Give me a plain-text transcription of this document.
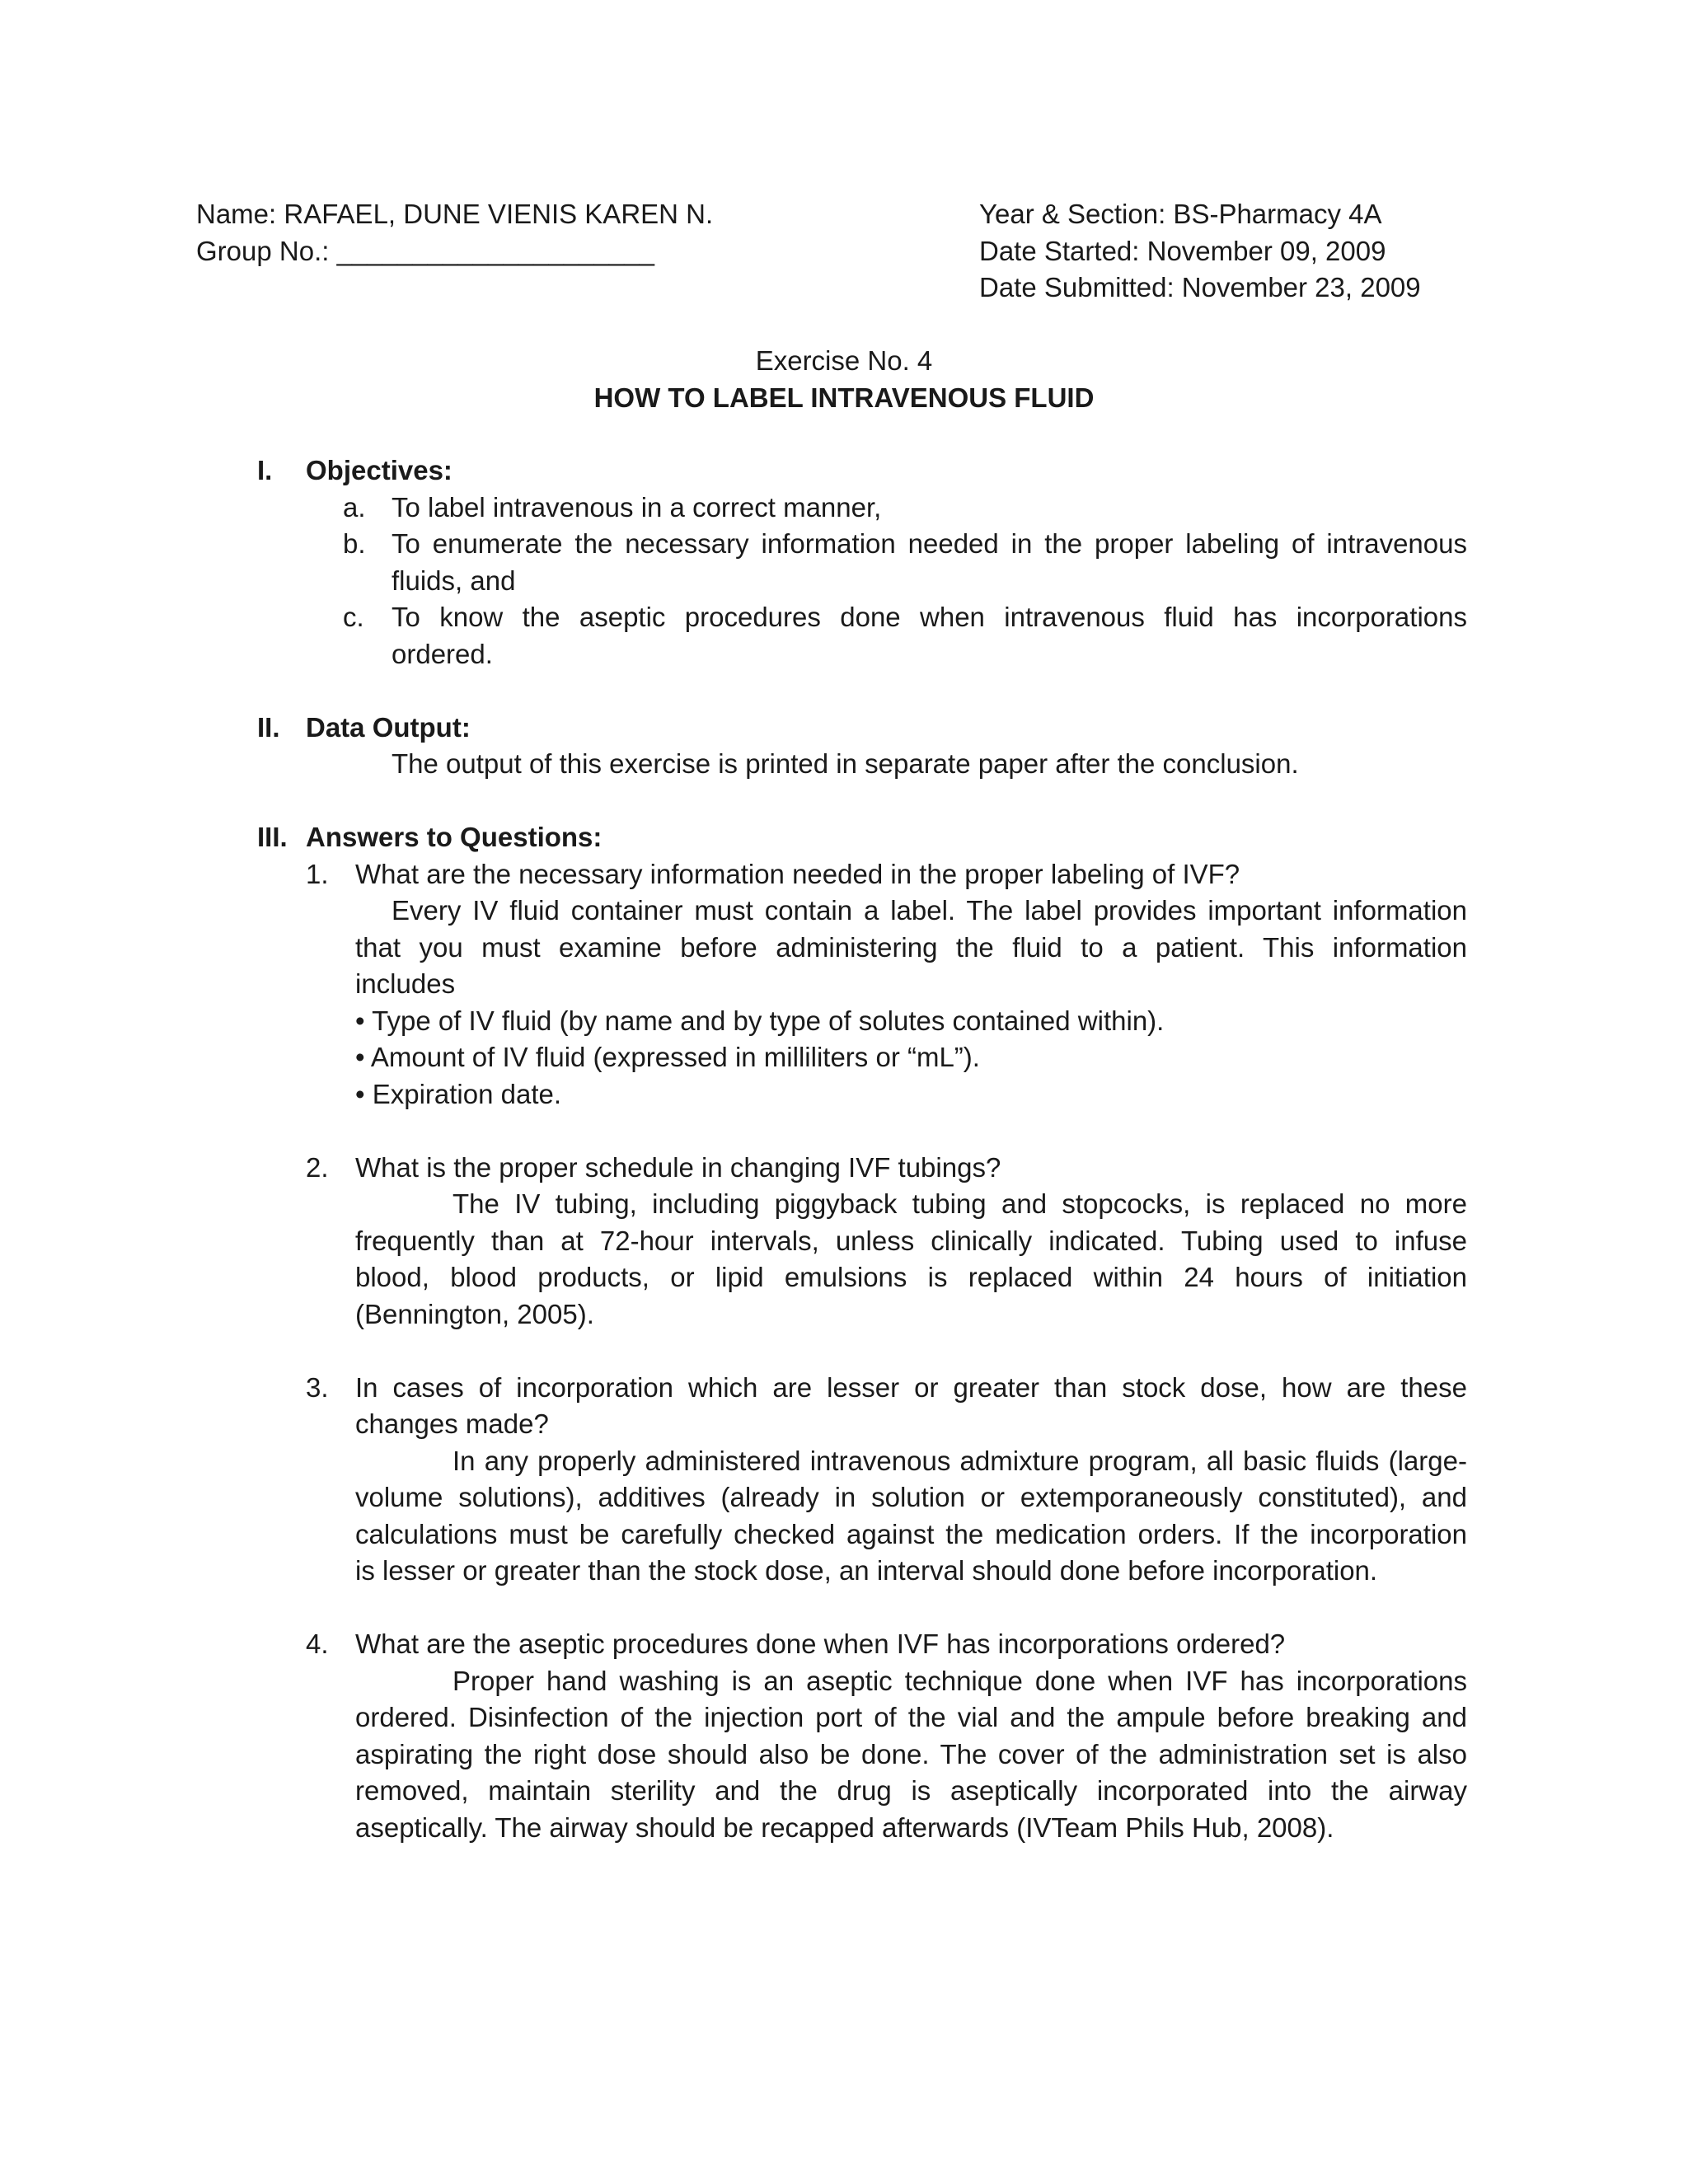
Name: RAFAEL, DUNE VIENIS KAREN N.
Group No.: _____________________
Year & Section: BS-Pharmacy 4A
Date Started: November 09, 2009
Date Submitted: November 23, 2009
Exercise No. 4
HOW TO LABEL INTRAVENOUS FLUID
I. Objectives:
a. To label intravenous in a correct manner,
b. To enumerate the necessary information needed in the proper labeling of intravenous
fluids, and
c. To know the aseptic procedures done when intravenous fluid has incorporations
ordered.
II. Data Output:
The output of this exercise is printed in separate paper after the conclusion.
III. Answers to Questions:
1. What are the necessary information needed in the proper labeling of IVF?
Every IV fluid container must contain a label. The label provides important information
that you must examine before administering the fluid to a patient. This information
includes
• Type of IV fluid (by name and by type of solutes contained within).
• Amount of IV fluid (expressed in milliliters or “mL”).
• Expiration date.
2. What is the proper schedule in changing IVF tubings?
The IV tubing, including piggyback tubing and stopcocks, is replaced no more
frequently than at 72-hour intervals, unless clinically indicated. Tubing used to infuse
blood, blood products, or lipid emulsions is replaced within 24 hours of initiation
(Bennington, 2005).
3. In cases of incorporation which are lesser or greater than stock dose, how are these
changes made?
In any properly administered intravenous admixture program, all basic fluids (large-
volume solutions), additives (already in solution or extemporaneously constituted), and
calculations must be carefully checked against the medication orders. If the incorporation
is lesser or greater than the stock dose, an interval should done before incorporation.
4. What are the aseptic procedures done when IVF has incorporations ordered?
Proper hand washing is an aseptic technique done when IVF has incorporations
ordered. Disinfection of the injection port of the vial and the ampule before breaking and
aspirating the right dose should also be done. The cover of the administration set is also
removed, maintain sterility and the drug is aseptically incorporated into the airway
aseptically. The airway should be recapped afterwards (IVTeam Phils Hub, 2008).
